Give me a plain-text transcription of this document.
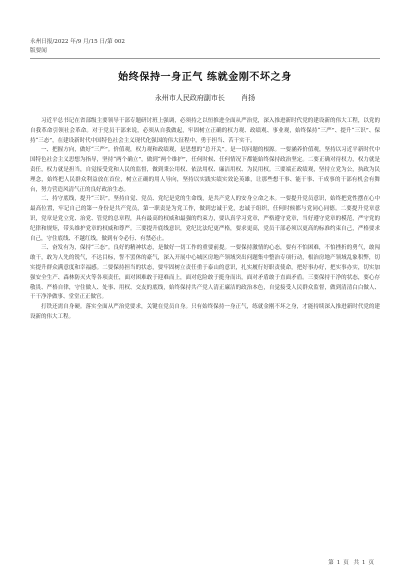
永州日报/2022 年/9 月/15 日/第 002

版要闻

始终保持一身正气 练就金刚不坏之身

永州市人民政府副市长 肖扬

习近平总书记在省部级主要领导干部专题研讨班上强调，必须持之以恒推进全面从严治党，深入推进新时代党的建设新的伟大工程，以党的自我革命引领社会革命。对于党员干部来说，必须从自我做起，牢固树立正确的权力观、政绩观、事业观，始终保持“三严”、提升“三识”、保持“三态”，在建设新时代中国特色社会主义现代化强国的伟大征程中，勇于担当、苦干实干。

一、把握方向，做好“三严”。价值观，权力观和政绩观，是思想的“总开关”。是一切问题的根源。一要涵养价值观，坚持以习近平新时代中国特色社会主义思想为指导，坚持“两个确立”，做到“两个维护”，任何时候、任何情况下都能始终保持政治坚定。二要正确对待权力，权力就是责任，权力就是担当，自觉接受党和人民的监督，做到秉公用权、依法用权、廉洁用权、为民用权。三要端正政绩观，坚持立党为公，执政为民理念，始终把人民群众利益放在首位，树立正确的用人导向，坚持以实践实绩实效论英雄，让那些想干事、能干事、干成事的干部有机会有舞台，努力营造风清气正的良好政治生态。

二、持守底线，提升“三识”。坚持自觉、党员、党纪是党的生命线，是共产党人的安身立命之本。一要提升党员意识，始终把党性摆在心中最高位置，牢记自己的第一身份是共产党员，第一职责是为党工作，做到忠诚于党，忠诚于组织，任何时候都与党同心同德。二要提升党章意识，党章是党立党、治党、管党的总章程，具有最高的权威和最强的约束力，要认真学习党章，严格遵守党章，当好遵守党章的模范，严守党的纪律和规矩，带头维护党章的权威和尊严。三要提升底线意识，党纪比法纪更严格，要求更高，党员干部必须以更高的标准约束自己，严格要求自己，守住底线、不越红线，做到有令必行、有禁必止。

三、奋发有为，保持“三态”。良好的精神状态，是做好一切工作的重要前提。一要保持激情的心态，要有不怕困难，不怕挫折的勇气，敢闯敢干，敢为人先的锐气，不达目标，誓不罢休的豪气，深入开展中心城区房地产领域突出问题集中整治专项行动，根治房地产领域乱象积弊，切实提升群众满意度和幸福感。二要保持担当的状态，要牢固树立责任重于泰山的意识，扎实履行好职责使命，把好事办好，把实事办实，切实加强安全生产、森林防灭火等各项责任，面对困难敢于迎难而上，面对危险敢于挺身而出，面对矛盾敢于直面矛盾。三要保持干净的状态，要心存敬畏、严格自律，守住做人、处事、用权、交友的底线，始终保持共产党人清正廉洁的政治本色，自觉接受人民群众监督，做到清清白白做人、干干净净做事、堂堂正正做官。

打铁还需自身硬。落实全面从严治党要求，关键在党员自身。只有始终保持一身正气，练就金刚不坏之身，才能持续深入推进新时代党的建设新的伟大工程。

第 1 页 共 1 页
